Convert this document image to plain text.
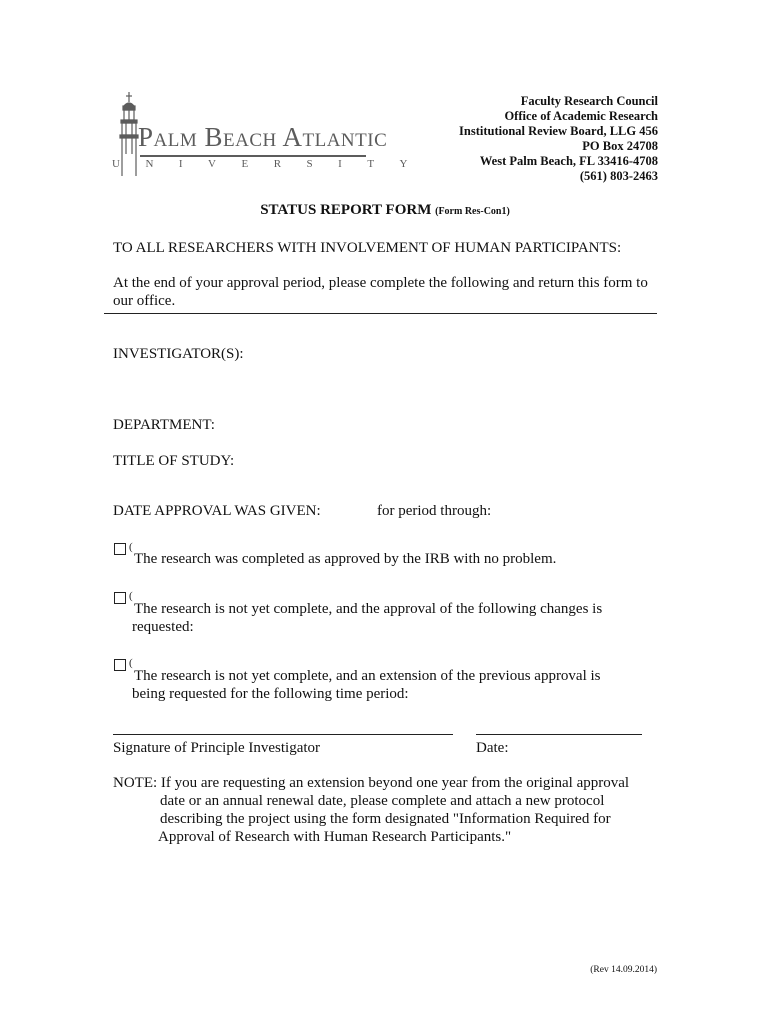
Palm Beach Atlantic
UNIVERSITY
Faculty Research Council
Office of Academic Research
Institutional Review Board, LLG 456
PO Box 24708
West Palm Beach, FL 33416-4708
(561) 803-2463
STATUS REPORT FORM (Form Res-Con1)
TO ALL RESEARCHERS WITH INVOLVEMENT OF HUMAN PARTICIPANTS:
At the end of your approval period, please complete the following and return this form to
our office.
INVESTIGATOR(S):
DEPARTMENT:
TITLE OF STUDY:
DATE APPROVAL WAS GIVEN:	for period through:
(
The research was completed as approved by the IRB with no problem.
(
The research is not yet complete, and the approval of the following changes is
requested:
(
The research is not yet complete, and an extension of the previous approval is
being requested for the following time period:
Signature of Principle Investigator	Date:
NOTE: If you are requesting an extension beyond one year from the original approval
date or an annual renewal date, please complete and attach a new protocol
describing the project using the form designated "Information Required for
Approval of Research with Human Research Participants."
(Rev 14.09.2014)
